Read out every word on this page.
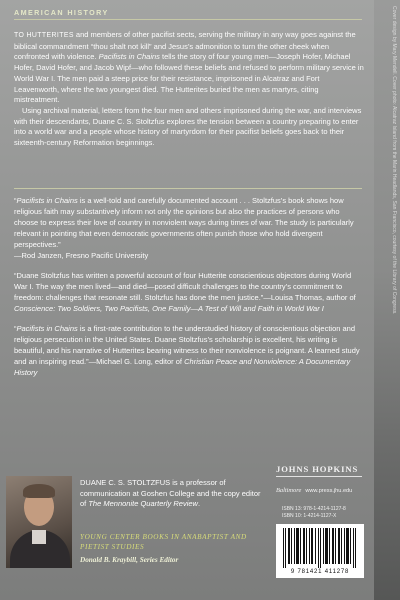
Cover design by Mary Mendell. Cover photo: Alcatraz Island from the Marin Headlands, San Francisco, courtesy of the Library of Congress.
AMERICAN HISTORY

TO HUTTERITES and members of other pacifist sects, serving the military in any way goes against the biblical commandment “thou shalt not kill” and Jesus’s admonition to turn the other cheek when confronted with violence. Pacifists in Chains tells the story of four young men—Joseph Hofer, Michael Hofer, David Hofer, and Jacob Wipf—who followed these beliefs and refused to perform military service in World War I. The men paid a steep price for their resistance, imprisoned in Alcatraz and Fort Leavenworth, where the two youngest died. The Hutterites buried the men as martyrs, citing mistreatment.

Using archival material, letters from the four men and others imprisoned during the war, and interviews with their descendants, Duane C. S. Stoltzfus explores the tension between a country preparing to enter into a world war and a people whose history of martyrdom for their pacifist beliefs goes back to their sixteenth-century Reformation beginnings.

“Pacifists in Chains is a well-told and carefully documented account . . . Stoltzfus’s book shows how religious faith may substantively inform not only the opinions but also the practices of persons who choose to express their love of country in nonviolent ways during times of war. The study is particularly relevant in pointing that even democratic governments often punish those who hold divergent perspectives.”
—Rod Janzen, Fresno Pacific University
“Duane Stoltzfus has written a powerful account of four Hutterite conscientious objectors during World War I. The way the men lived—and died—posed difficult challenges to the country’s commitment to freedom: challenges that resonate still. Stoltzfus has done the men justice.”—Louisa Thomas, author of Conscience: Two Soldiers, Two Pacifists, One Family—A Test of Will and Faith in World War I
“Pacifists in Chains is a first-rate contribution to the understudied history of conscientious objection and religious persecution in the United States. Duane Stoltzfus’s scholarship is excellent, his writing is beautiful, and his narrative of Hutterites bearing witness to their nonviolence is poignant. A learned study and an inspiring read.”—Michael G. Long, editor of Christian Peace and Nonviolence: A Documentary History
DUANE C. S. STOLTZFUS is a professor of communication at Goshen College and the copy editor of The Mennonite Quarterly Review.
YOUNG CENTER BOOKS IN ANABAPTIST AND PIETIST STUDIES
Donald B. Kraybill, Series Editor
JOHNS HOPKINS
Baltimore www.press.jhu.edu
ISBN 13: 978-1-4214-1127-8
ISBN 10: 1-4214-1127-X
9 781421 411278
